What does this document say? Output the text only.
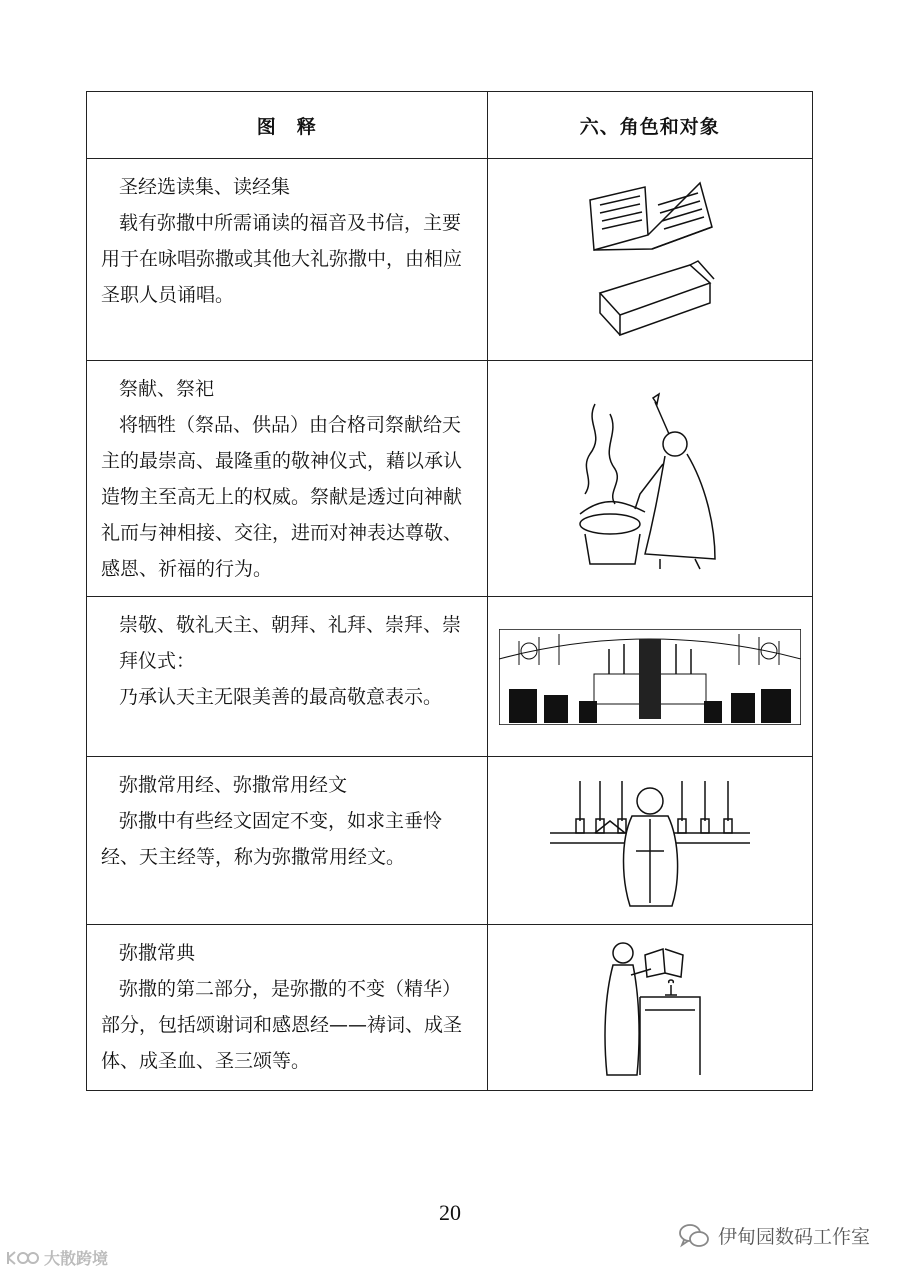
图　释	六、角色和对象

圣经选读集、读经集

载有弥撒中所需诵读的福音及书信，主要用于在咏唱弥撒或其他大礼弥撒中，由相应圣职人员诵唱。

祭献、祭祀

将牺牲（祭品、供品）由合格司祭献给天主的最崇高、最隆重的敬神仪式，藉以承认造物主至高无上的权威。祭献是透过向神献礼而与神相接、交往，进而对神表达尊敬、感恩、祈福的行为。

崇敬、敬礼天主、朝拜、礼拜、崇拜、崇拜仪式：

乃承认天主无限美善的最高敬意表示。

弥撒常用经、弥撒常用经文

弥撒中有些经文固定不变，如求主垂怜经、天主经等，称为弥撒常用经文。

弥撒常典

弥撒的第二部分，是弥撒的不变（精华）部分，包括颂谢词和感恩经——祷词、成圣体、成圣血、圣三颂等。

20
大散跨境
伊甸园数码工作室
